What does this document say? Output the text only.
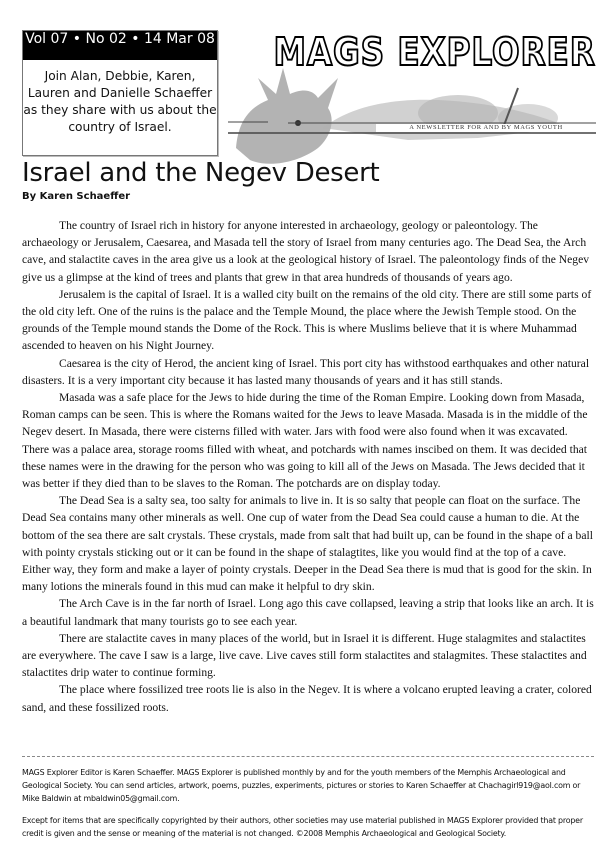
Vol 07 • No 02 • 14 Mar 08
Join Alan, Debbie, Karen, Lauren and Danielle Schaeffer as they share with us about the country of Israel.
MAGS EXPLORER
A NEWSLETTER FOR AND BY MAGS YOUTH
Israel and the Negev Desert
By Karen Schaeffer

The country of Israel rich in history for anyone interested in archaeology, geology or paleontology. The archaeology or Jerusalem, Caesarea, and Masada tell the story of Israel from many centuries ago. The Dead Sea, the Arch cave, and stalactite caves in the area give us a look at the geological history of Israel. The paleontology finds of the Negev give us a glimpse at the kind of trees and plants that grew in that area hundreds of thousands of years ago.

Jerusalem is the capital of Israel. It is a walled city built on the remains of the old city. There are still some parts of the old city left. One of the ruins is the palace and the Temple Mound, the place where the Jewish Temple stood. On the grounds of the Temple mound stands the Dome of the Rock. This is where Muslims believe that it is where Muhammad ascended to heaven on his Night Journey.

Caesarea is the city of Herod, the ancient king of Israel. This port city has withstood earthquakes and other natural disasters. It is a very important city because it has lasted many thousands of years and it has still stands.

Masada was a safe place for the Jews to hide during the time of the Roman Empire. Looking down from Masada, Roman camps can be seen. This is where the Romans waited for the Jews to leave Masada. Masada is in the middle of the Negev desert. In Masada, there were cisterns filled with water. Jars with food were also found when it was excavated. There was a palace area, storage rooms filled with wheat, and potchards with names inscibed on them. It was decided that these names were in the drawing for the person who was going to kill all of the Jews on Masada. The Jews decided that it was better if they died than to be slaves to the Roman. The potchards are on display today.

The Dead Sea is a salty sea, too salty for animals to live in. It is so salty that people can float on the surface. The Dead Sea contains many other minerals as well. One cup of water from the Dead Sea could cause a human to die. At the bottom of the sea there are salt crystals. These crystals, made from salt that had built up, can be found in the shape of a ball with pointy crystals sticking out or it can be found in the shape of stalagtites, like you would find at the top of a cave. Either way, they form and make a layer of pointy crystals. Deeper in the Dead Sea there is mud that is good for the skin. In many lotions the minerals found in this mud can make it helpful to dry skin.

The Arch Cave is in the far north of Israel. Long ago this cave collapsed, leaving a strip that looks like an arch. It is a beautiful landmark that many tourists go to see each year.

There are stalactite caves in many places of the world, but in Israel it is different. Huge stalagmites and stalactites are everywhere. The cave I saw is a large, live cave. Live caves still form stalactites and stalagmites. These stalactites and stalactites drip water to continue forming.

The place where fossilized tree roots lie is also in the Negev. It is where a volcano erupted leaving a crater, colored sand, and these fossilized roots.

MAGS Explorer Editor is Karen Schaeffer. MAGS Explorer is published monthly by and for the youth members of the Memphis Archaeological and Geological Society. You can send articles, artwork, poems, puzzles, experiments, pictures or stories to Karen Schaeffer at Chachagirl919@aol.com or Mike Baldwin at mbaldwin05@gmail.com.

Except for items that are specifically copyrighted by their authors, other societies may use material published in MAGS Explorer provided that proper credit is given and the sense or meaning of the material is not changed. ©2008 Memphis Archaeological and Geological Society.
